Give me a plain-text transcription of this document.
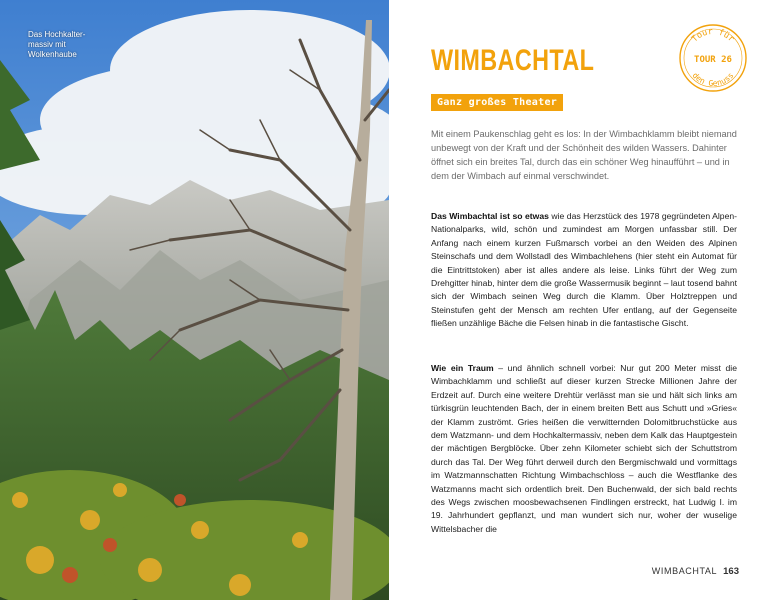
Das Hochkalter-
massiv mit
Wolkenhaube	WIMBACHTAL
Ganz großes Theater
Tour für
TOUR 26
den Genuss

Mit einem Paukenschlag geht es los: In der Wimbachklamm bleibt niemand unbewegt von der Kraft und der Schönheit des wilden Wassers. Dahinter öffnet sich ein breites Tal, durch das ein schöner Weg hinaufführt – und in dem der Wimbach auf einmal verschwindet.

Das Wimbachtal ist so etwas wie das Herzstück des 1978 gegründeten Alpen-Nationalparks, wild, schön und zumindest am Morgen unfassbar still. Der Anfang nach einem kurzen Fußmarsch vorbei an den Weiden des Alpinen Steinschafs und dem Wollstadl des Wimbachlehens (hier steht ein Automat für die Eintrittstoken) aber ist alles andere als leise. Links führt der Weg zum Drehgitter hinab, hinter dem die große Wassermusik beginnt – laut tosend bahnt sich der Wimbach seinen Weg durch die Klamm. Über Holztreppen und Steinstufen geht der Mensch am rechten Ufer entlang, auf der Gegenseite fließen unzählige Bäche die Felsen hinab in die fantastische Gischt.

Wie ein Traum – und ähnlich schnell vorbei: Nur gut 200 Meter misst die Wimbachklamm und schließt auf dieser kurzen Strecke Millionen Jahre der Erdzeit auf. Durch eine weitere Drehtür verlässt man sie und hält sich links am türkisgrün leuchtenden Bach, der in einem breiten Bett aus Schutt und »Gries« der Klamm zuströmt. Gries heißen die verwitternden Dolomitbruchstücke aus dem Watzmann- und dem Hochkaltermassiv, neben dem Kalk das Hauptgestein der mächtigen Bergblöcke. Über zehn Kilometer schiebt sich der Schuttstrom durch das Tal. Der Weg führt derweil durch den Bergmischwald und vormittags im Watzmannschatten Richtung Wimbachschloss – auch die Westflanke des Watzmanns macht sich ordentlich breit. Den Buchenwald, der sich bald rechts des Wegs zwischen moosbewachsenen Findlingen erstreckt, hat Ludwig I. im 19. Jahrhundert gepflanzt, und man wundert sich nur, woher der wuselige Wittelsbacher die

WIMBACHTAL 163
